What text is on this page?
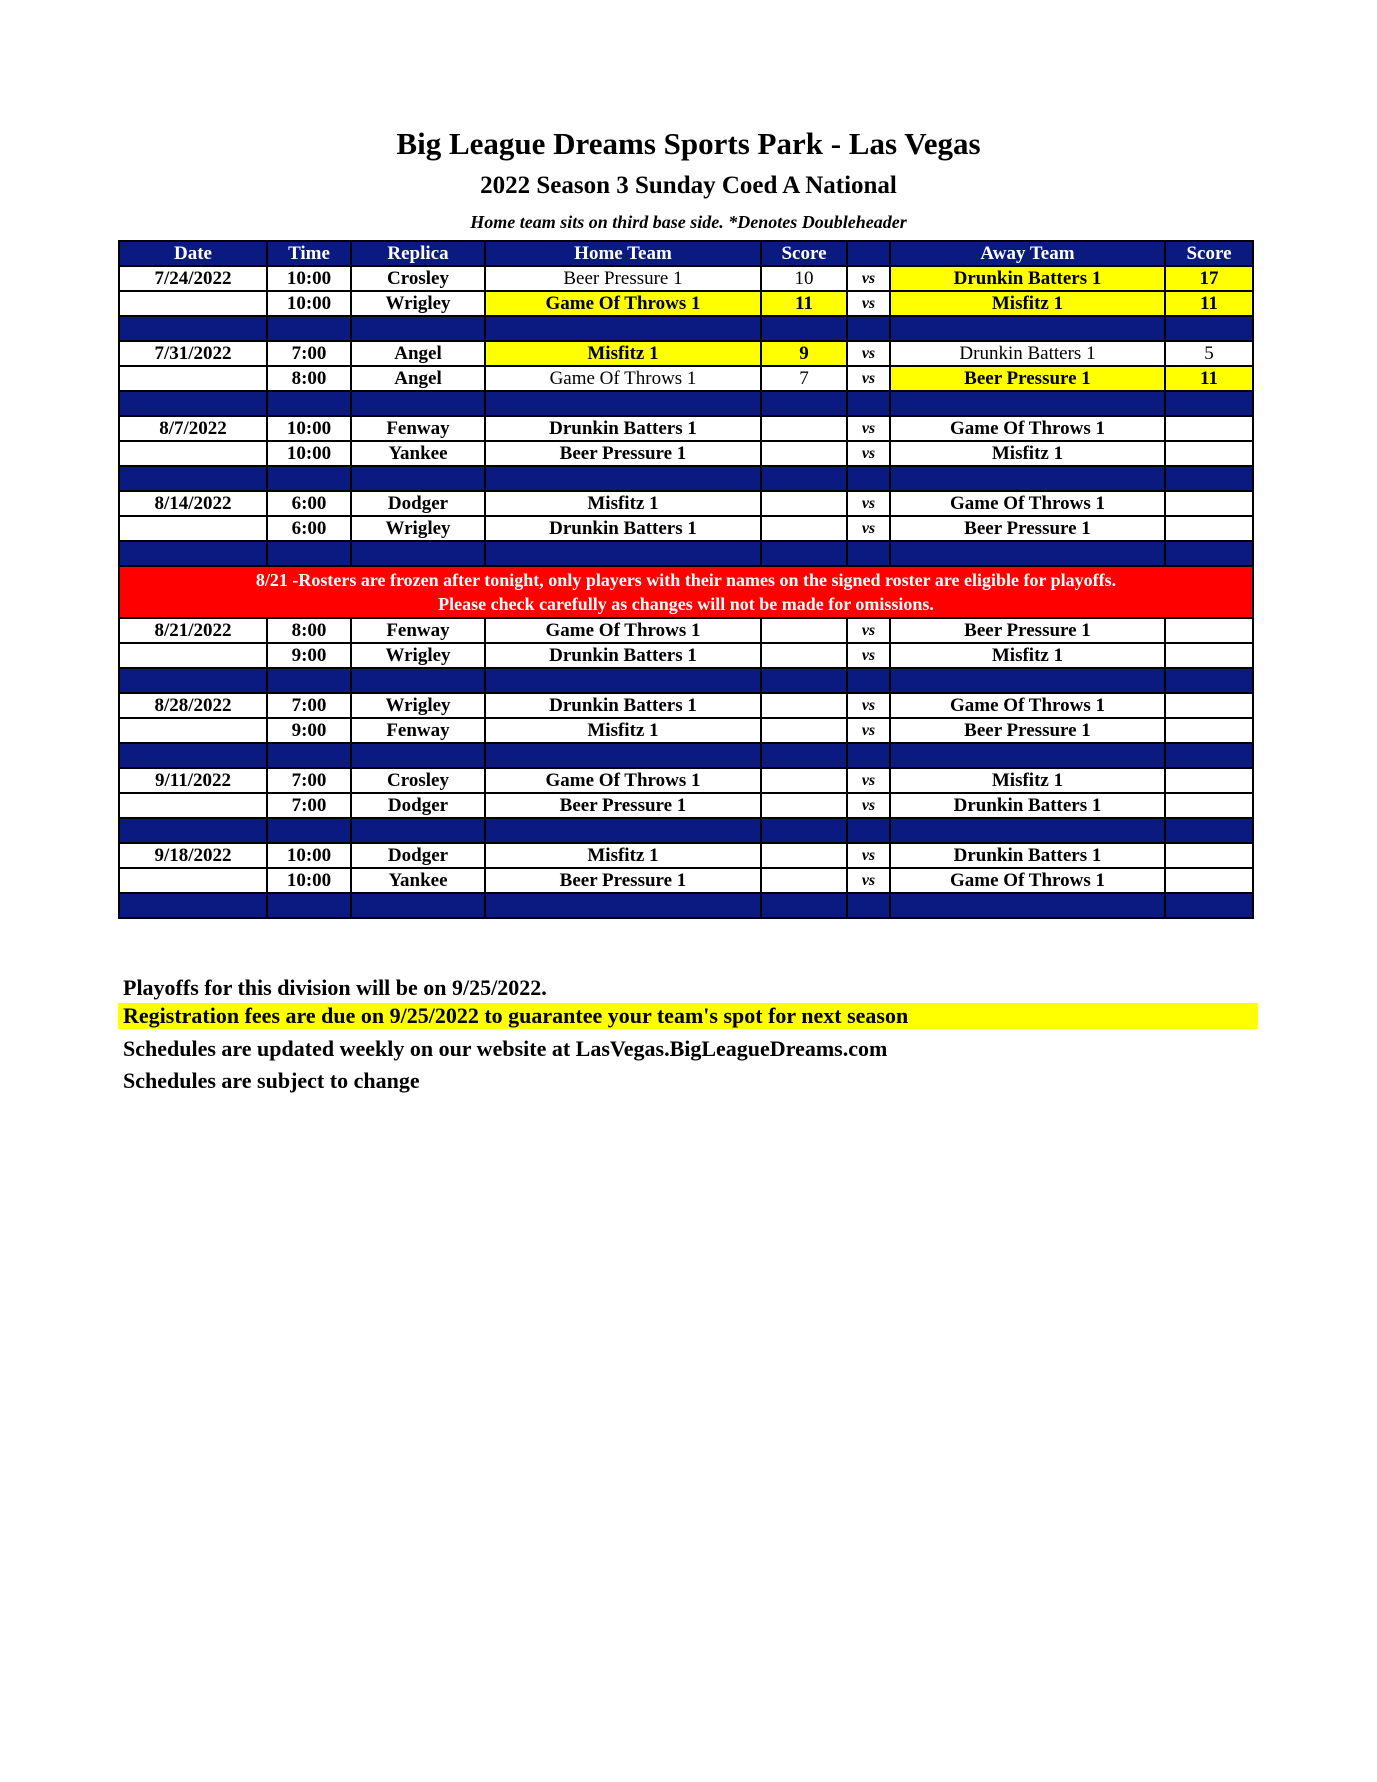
Big League Dreams Sports Park - Las Vegas
2022 Season 3 Sunday Coed A National
Home team sits on third base side. *Denotes Doubleheader
Date	Time	Replica	Home Team	Score		Away Team	Score
7/24/2022	10:00	Crosley	Beer Pressure 1	10	vs	Drunkin Batters 1	17
	10:00	Wrigley	Game Of Throws 1	11	vs	Misfitz 1	11

7/31/2022	7:00	Angel	Misfitz 1	9	vs	Drunkin Batters 1	5
	8:00	Angel	Game Of Throws 1	7	vs	Beer Pressure 1	11

8/7/2022	10:00	Fenway	Drunkin Batters 1		vs	Game Of Throws 1	
	10:00	Yankee	Beer Pressure 1		vs	Misfitz 1	

8/14/2022	6:00	Dodger	Misfitz 1		vs	Game Of Throws 1	
	6:00	Wrigley	Drunkin Batters 1		vs	Beer Pressure 1	

8/21 -Rosters are frozen after tonight, only players with their names on the signed roster are eligible for playoffs.
Please check carefully as changes will not be made for omissions.							

8/21/2022	8:00	Fenway	Game Of Throws 1		vs	Beer Pressure 1	
	9:00	Wrigley	Drunkin Batters 1		vs	Misfitz 1	

8/28/2022	7:00	Wrigley	Drunkin Batters 1		vs	Game Of Throws 1	
	9:00	Fenway	Misfitz 1		vs	Beer Pressure 1	

9/11/2022	7:00	Crosley	Game Of Throws 1		vs	Misfitz 1	
	7:00	Dodger	Beer Pressure 1		vs	Drunkin Batters 1	

9/18/2022	10:00	Dodger	Misfitz 1		vs	Drunkin Batters 1	
	10:00	Yankee	Beer Pressure 1		vs	Game Of Throws 1	

Playoffs for this division will be on 9/25/2022.
Registration fees are due on 9/25/2022 to guarantee your team's spot for next season
Schedules are updated weekly on our website at LasVegas.BigLeagueDreams.com
Schedules are subject to change
